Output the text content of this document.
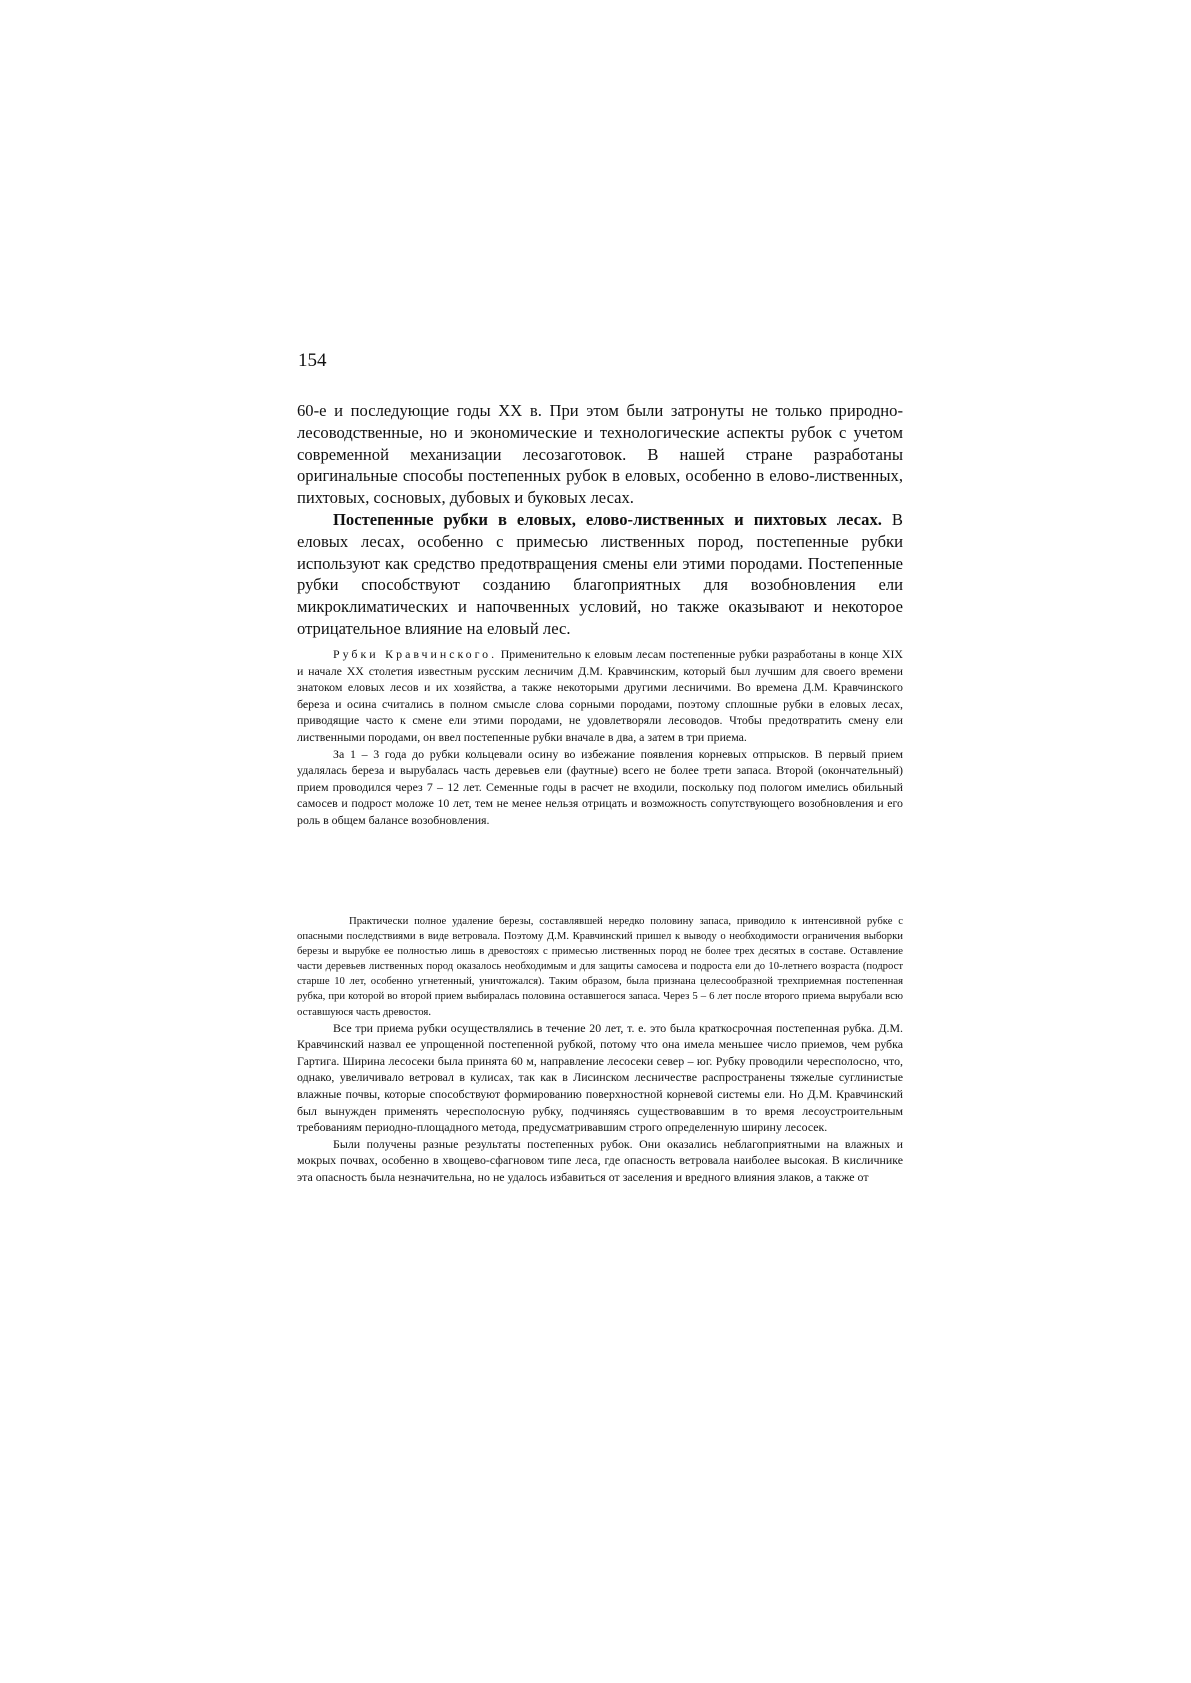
154

60-е и последующие годы XX в. При этом были затронуты не только природно-лесоводственные, но и экономические и технологические аспекты рубок с учетом современной механизации лесозаготовок. В нашей стране разработаны оригинальные способы постепенных рубок в еловых, особенно в елово-лиственных, пихтовых, сосновых, дубовых и буковых лесах.

Постепенные рубки в еловых, елово-лиственных и пихтовых лесах. В еловых лесах, особенно с примесью лиственных пород, постепенные рубки используют как средство предотвращения смены ели этими породами. Постепенные рубки способствуют созданию благоприятных для возобновления ели микроклиматических и напочвенных условий, но также оказывают и некоторое отрицательное влияние на еловый лес.

Рубки Кравчинского. Применительно к еловым лесам постепенные рубки разработаны в конце XIX и начале XX столетия известным русским лесничим Д.М. Кравчинским, который был лучшим для своего времени знатоком еловых лесов и их хозяйства, а также некоторыми другими лесничими. Во времена Д.М. Кравчинского береза и осина считались в полном смысле слова сорными породами, поэтому сплошные рубки в еловых лесах, приводящие часто к смене ели этими породами, не удовлетворяли лесоводов. Чтобы предотвратить смену ели лиственными породами, он ввел постепенные рубки вначале в два, а затем в три приема.

За 1 – 3 года до рубки кольцевали осину во избежание появления корневых отпрысков. В первый прием удалялась береза и вырубалась часть деревьев ели (фаутные) всего не более трети запаса. Второй (окончательный) прием проводился через 7 – 12 лет. Семенные годы в расчет не входили, поскольку под пологом имелись обильный самосев и подрост моложе 10 лет, тем не менее нельзя отрицать и возможность сопутствующего возобновления и его роль в общем балансе возобновления.

Практически полное удаление березы, составлявшей нередко половину запаса, приводило к интенсивной рубке с опасными последствиями в виде ветровала. Поэтому Д.М. Кравчинский пришел к выводу о необходимости ограничения выборки березы и вырубке ее полностью лишь в древостоях с примесью лиственных пород не более трех десятых в составе. Оставление части деревьев лиственных пород оказалось необходимым и для защиты самосева и подроста ели до 10-летнего возраста (подрост старше 10 лет, особенно угнетенный, уничтожался). Таким образом, была признана целесообразной трехприемная постепенная рубка, при которой во второй прием выбиралась половина оставшегося запаса. Через 5 – 6 лет после второго приема вырубали всю оставшуюся часть древостоя.

Все три приема рубки осуществлялись в течение 20 лет, т. е. это была краткосрочная постепенная рубка. Д.М. Кравчинский назвал ее упрощенной постепенной рубкой, потому что она имела меньшее число приемов, чем рубка Гартига. Ширина лесосеки была принята 60 м, направление лесосеки север – юг. Рубку проводили чересполосно, что, однако, увеличивало ветровал в кулисах, так как в Лисинском лесничестве распространены тяжелые суглинистые влажные почвы, которые способствуют формированию поверхностной корневой системы ели. Но Д.М. Кравчинский был вынужден применять чересполосную рубку, подчиняясь существовавшим в то время лесоустроительным требованиям периодно-площадного метода, предусматривавшим строго определенную ширину лесосек.

Были получены разные результаты постепенных рубок. Они оказались неблагоприятными на влажных и мокрых почвах, особенно в хвощево-сфагновом типе леса, где опасность ветровала наиболее высокая. В кисличнике эта опасность была незначительна, но не удалось избавиться от заселения и вредного влияния злаков, а также от
